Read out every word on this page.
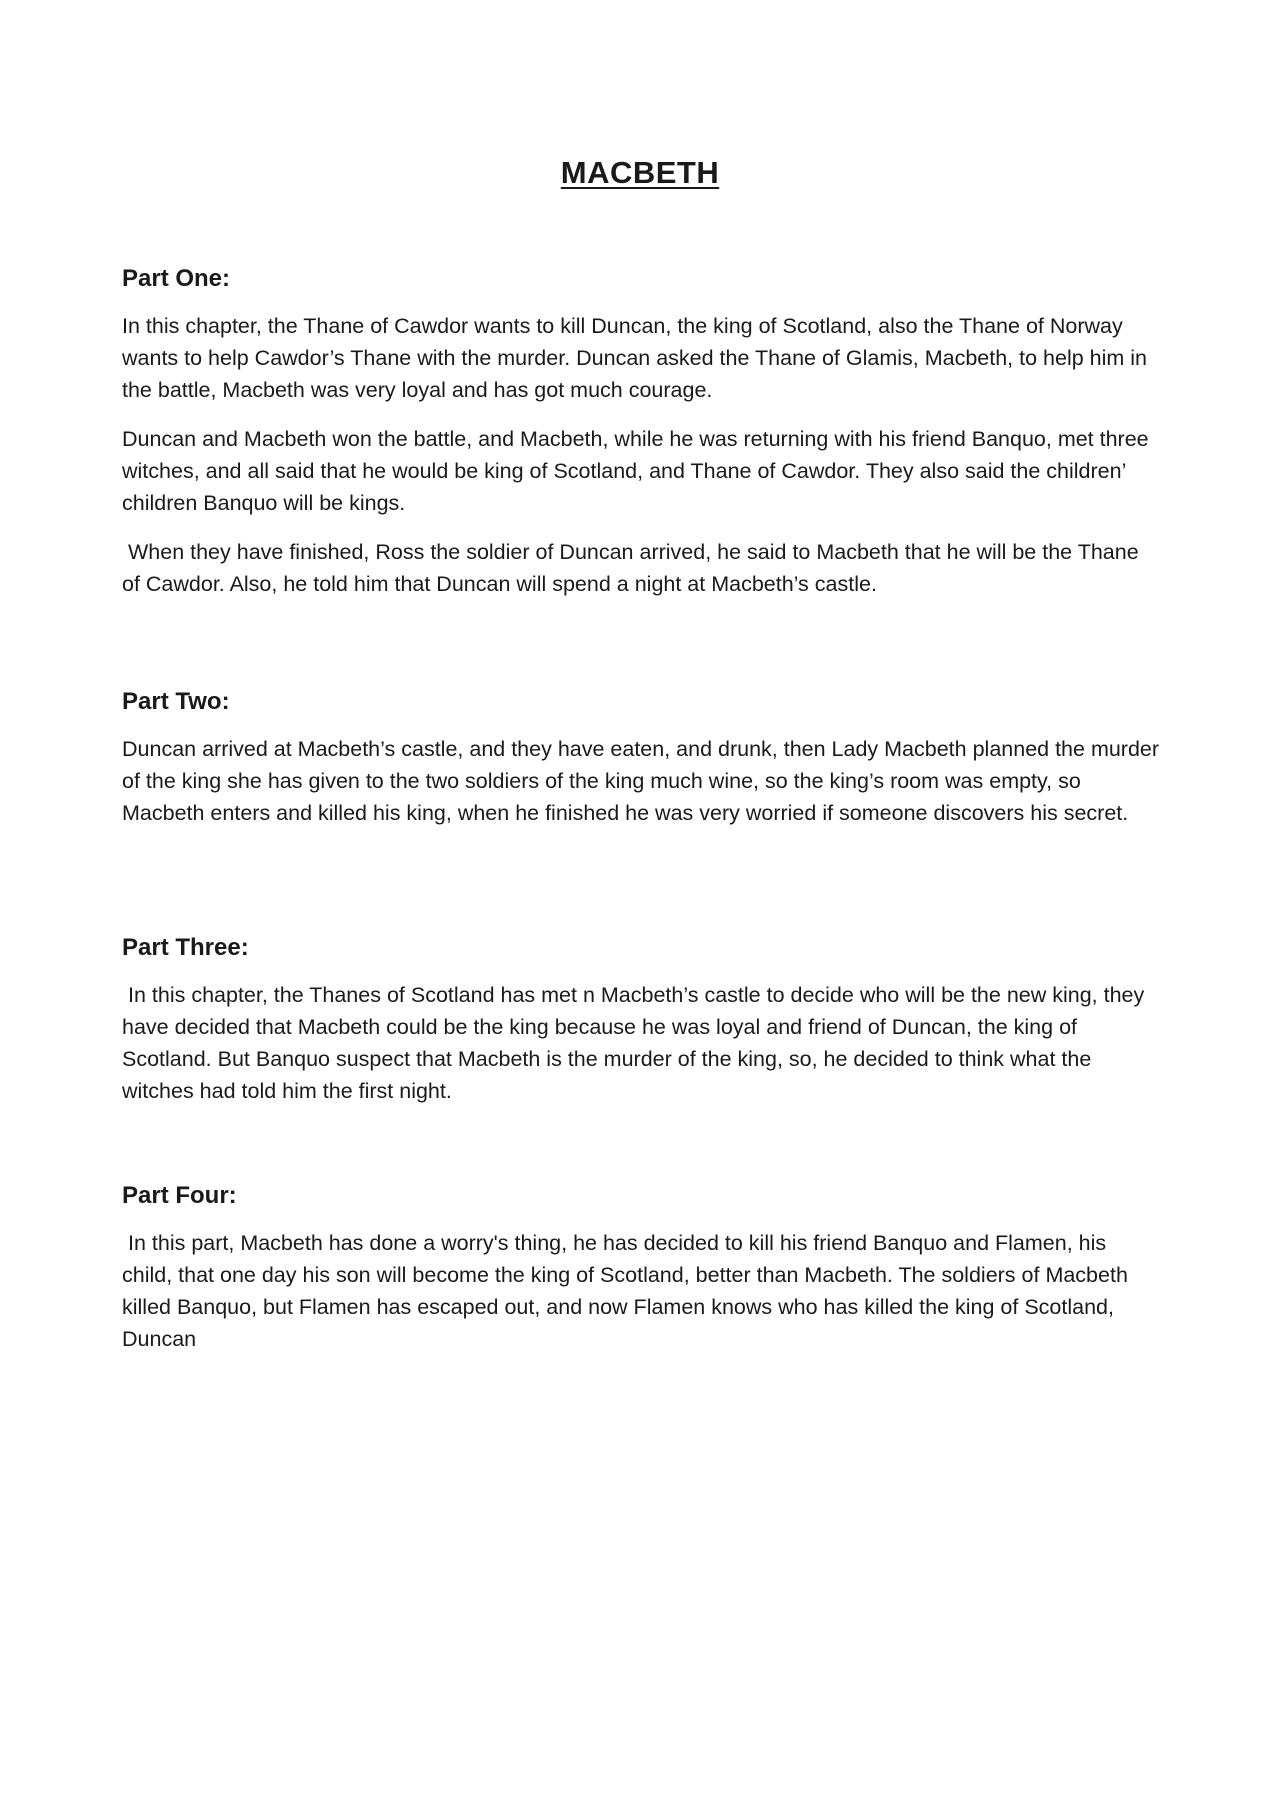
MACBETH
Part One:

In this chapter, the Thane of Cawdor wants to kill Duncan, the king of Scotland, also the Thane of Norway wants to help Cawdor’s Thane with the murder. Duncan asked the Thane of Glamis, Macbeth, to help him in the battle, Macbeth was very loyal and has got much courage.

Duncan and Macbeth won the battle, and Macbeth, while he was returning with his friend Banquo, met three witches, and all said that he would be king of Scotland, and Thane of Cawdor. They also said the children’ children Banquo will be kings.

When they have finished, Ross the soldier of Duncan arrived, he said to Macbeth that he will be the Thane of Cawdor. Also, he told him that Duncan will spend a night at Macbeth’s castle.

Part Two:

Duncan arrived at Macbeth’s castle, and they have eaten, and drunk, then Lady Macbeth planned the murder of the king she has given to the two soldiers of the king much wine, so the king’s room was empty, so Macbeth enters and killed his king, when he finished he was very worried if someone discovers his secret.

Part Three:

In this chapter, the Thanes of Scotland has met n Macbeth’s castle to decide who will be the new king, they have decided that Macbeth could be the king because he was loyal and friend of Duncan, the king of Scotland. But Banquo suspect that Macbeth is the murder of the king, so, he decided to think what the witches had told him the first night.

Part Four:

In this part, Macbeth has done a worry's thing, he has decided to kill his friend Banquo and Flamen, his child, that one day his son will become the king of Scotland, better than Macbeth. The soldiers of Macbeth killed Banquo, but Flamen has escaped out, and now Flamen knows who has killed the king of Scotland, Duncan
